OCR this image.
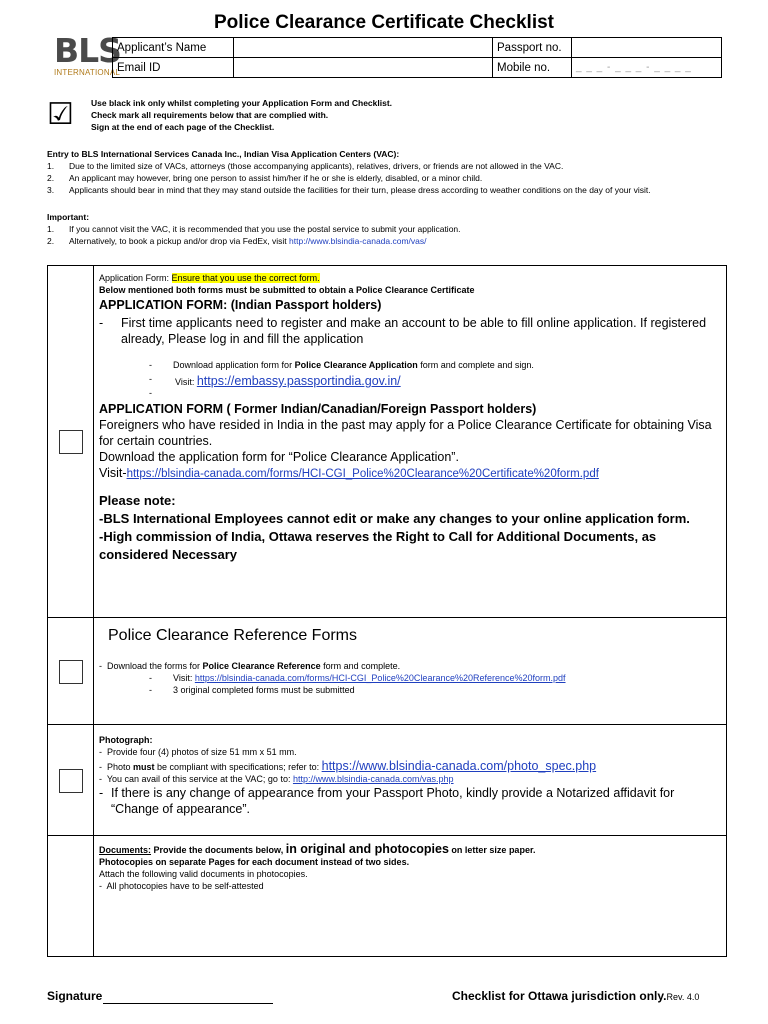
Police Clearance Certificate Checklist
BLS
INTERNATIONAL
Applicant’s Name		Passport no.	
Email ID		Mobile no.	_ _ _ - _ _ _ - _ _ _ _
☑ Use black ink only whilst completing your Application Form and Checklist.
Check mark all requirements below that are complied with.
Sign at the end of each page of the Checklist.
Entry to BLS International Services Canada Inc., Indian Visa Application Centers (VAC):
1. Due to the limited size of VACs, attorneys (those accompanying applicants), relatives, drivers, or friends are not allowed in the VAC.
2. An applicant may however, bring one person to assist him/her if he or she is elderly, disabled, or a minor child.
3. Applicants should bear in mind that they may stand outside the facilities for their turn, please dress according to weather conditions on the day of your visit.
Important:
1. If you cannot visit the VAC, it is recommended that you use the postal service to submit your application.
2. Alternatively, to book a pickup and/or drop via FedEx, visit http://www.blsindia-canada.com/vas/
Application Form: Ensure that you use the correct form.
Below mentioned both forms must be submitted to obtain a Police Clearance Certificate
APPLICATION FORM: (Indian Passport holders)
- First time applicants need to register and make an account to be able to fill online application. If registered already, Please log in and fill the application
- Download application form for Police Clearance Application form and complete and sign.
-	Visit: https://embassy.passportindia.gov.in/
-
APPLICATION FORM ( Former Indian/Canadian/Foreign Passport holders)
Foreigners who have resided in India in the past may apply for a Police Clearance Certificate for obtaining Visa for certain countries.
Download the application form for “Police Clearance Application”.
Visit-https://blsindia-canada.com/forms/HCI-CGI_Police%20Clearance%20Certificate%20form.pdf
Please note:
-BLS International Employees cannot edit or make any changes to your online application form.
-High commission of India, Ottawa reserves the Right to Call for Additional Documents, as considered Necessary
Police Clearance Reference Forms
-  Download the forms for Police Clearance Reference form and complete.
- Visit: https://blsindia-canada.com/forms/HCI-CGI_Police%20Clearance%20Reference%20form.pdf
- 3 original completed forms must be submitted
Photograph:
-  Provide four (4) photos of size 51 mm x 51 mm.
-  Photo must be compliant with specifications; refer to: https://www.blsindia-canada.com/photo_spec.php
-  You can avail of this service at the VAC; go to: http://www.blsindia-canada.com/vas.php
- If there is any change of appearance from your Passport Photo, kindly provide a Notarized affidavit for “Change of appearance”.
Documents: Provide the documents below, in original and photocopies on letter size paper.
Photocopies on separate Pages for each document instead of two sides.
Attach the following valid documents in photocopies.
-  All photocopies have to be self-attested
Signature	Checklist for Ottawa jurisdiction only.Rev. 4.0
